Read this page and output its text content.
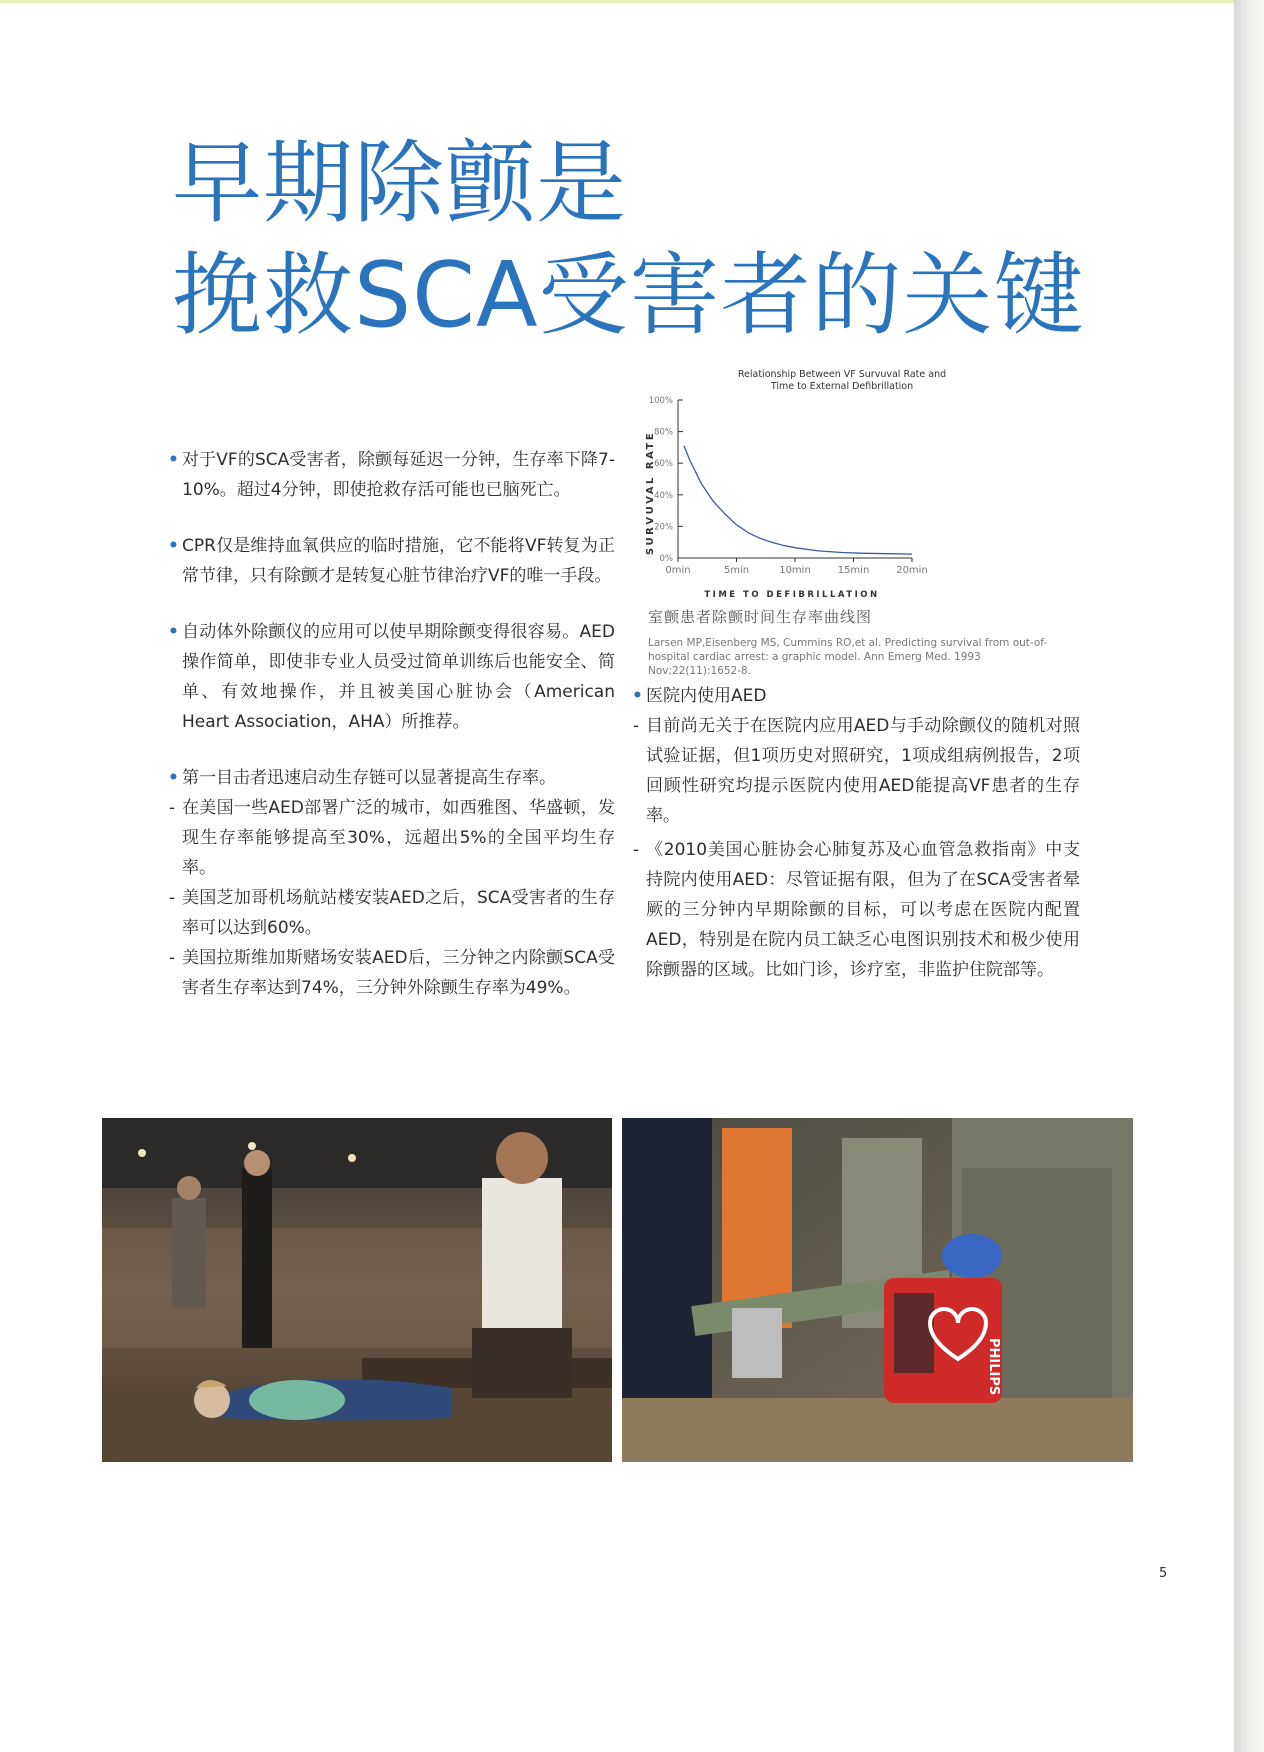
早期除颤是
挽救SCA受害者的关键

• 对于VF的SCA受害者，除颤每延迟一分钟，生存率下降7-10%。超过4分钟，即使抢救存活可能也已脑死亡。

• CPR仅是维持血氧供应的临时措施，它不能将VF转复为正常节律，只有除颤才是转复心脏节律治疗VF的唯一手段。

• 自动体外除颤仪的应用可以使早期除颤变得很容易。AED操作简单，即使非专业人员受过简单训练后也能安全、简单、有效地操作，并且被美国心脏协会（American Heart Association，AHA）所推荐。

• 第一目击者迅速启动生存链可以显著提高生存率。

- 在美国一些AED部署广泛的城市，如西雅图、华盛顿，发现生存率能够提高至30%，远超出5%的全国平均生存率。

- 美国芝加哥机场航站楼安装AED之后，SCA受害者的生存率可以达到60%。

- 美国拉斯维加斯赌场安装AED后，三分钟之内除颤SCA受害者生存率达到74%，三分钟外除颤生存率为49%。

Relationship Between VF Survuval Rate and
Time to External Defibrillation
SURVUVAL RATE
0%
20%
40%
60%
80%
100%
0min	5min	10min	15min	20min
TIME TO DEFIBRILLATION
室颤患者除颤时间生存率曲线图
Larsen MP,Eisenberg MS, Cummins RO,et al. Predicting survival from out-of-hospital cardiac arrest: a graphic model. Ann Emerg Med. 1993 Nov;22(11):1652-8.

• 医院内使用AED

- 目前尚无关于在医院内应用AED与手动除颤仪的随机对照试验证据，但1项历史对照研究，1项成组病例报告，2项回顾性研究均提示医院内使用AED能提高VF患者的生存率。

- 《2010美国心脏协会心肺复苏及心血管急救指南》中支持院内使用AED：尽管证据有限，但为了在SCA受害者晕厥的三分钟内早期除颤的目标，可以考虑在医院内配置AED，特别是在院内员工缺乏心电图识别技术和极少使用除颤器的区域。比如门诊，诊疗室，非监护住院部等。

PHILIPS
5
